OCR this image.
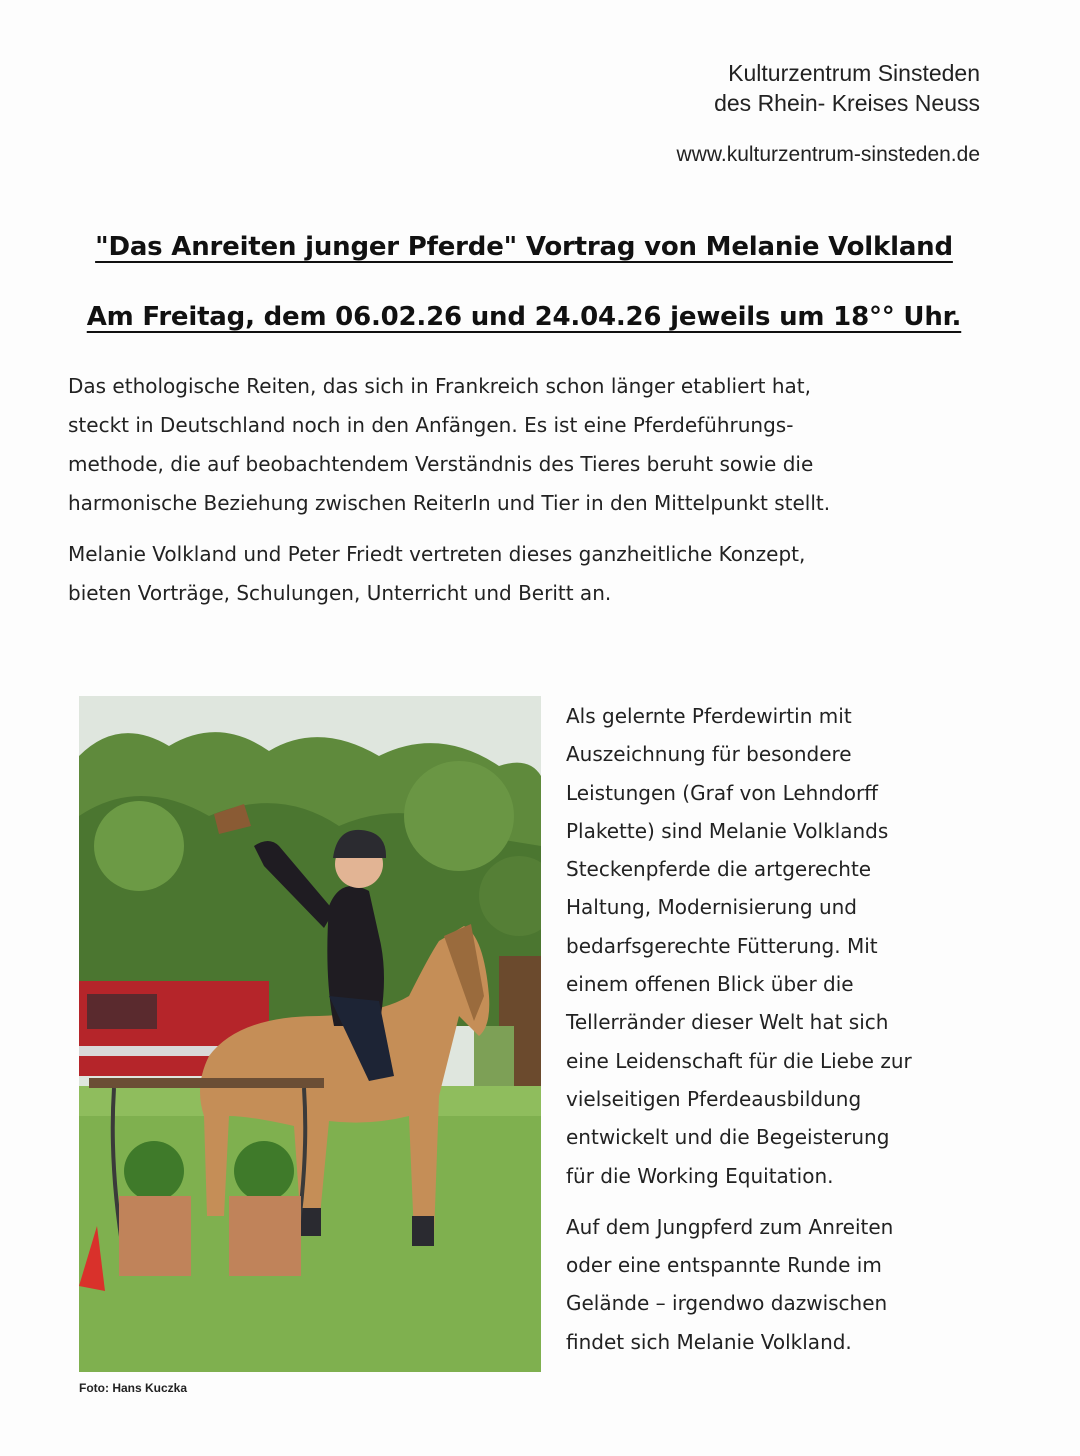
Kulturzentrum Sinsteden
des Rhein- Kreises Neuss
www.kulturzentrum-sinsteden.de
"Das Anreiten junger Pferde" Vortrag von Melanie Volkland
Am Freitag, dem 06.02.26 und 24.04.26 jeweils um 18°° Uhr.

Das ethologische Reiten, das sich in Frankreich schon länger etabliert hat,
steckt in Deutschland noch in den Anfängen. Es ist eine Pferdeführungs-
methode, die auf beobachtendem Verständnis des Tieres beruht sowie die
harmonische Beziehung zwischen ReiterIn und Tier in den Mittelpunkt stellt.

Melanie Volkland und Peter Friedt vertreten dieses ganzheitliche Konzept,
bieten Vorträge, Schulungen, Unterricht und Beritt an.

Foto: Hans Kuczka

Als gelernte Pferdewirtin mit
Auszeichnung für besondere
Leistungen (Graf von Lehndorff
Plakette) sind Melanie Volklands
Steckenpferde die artgerechte
Haltung, Modernisierung und
bedarfsgerechte Fütterung. Mit
einem offenen Blick über die
Tellerränder dieser Welt hat sich
eine Leidenschaft für die Liebe zur
vielseitigen Pferdeausbildung
entwickelt und die Begeisterung
für die Working Equitation.

Auf dem Jungpferd zum Anreiten
oder eine entspannte Runde im
Gelände – irgendwo dazwischen
findet sich Melanie Volkland.
